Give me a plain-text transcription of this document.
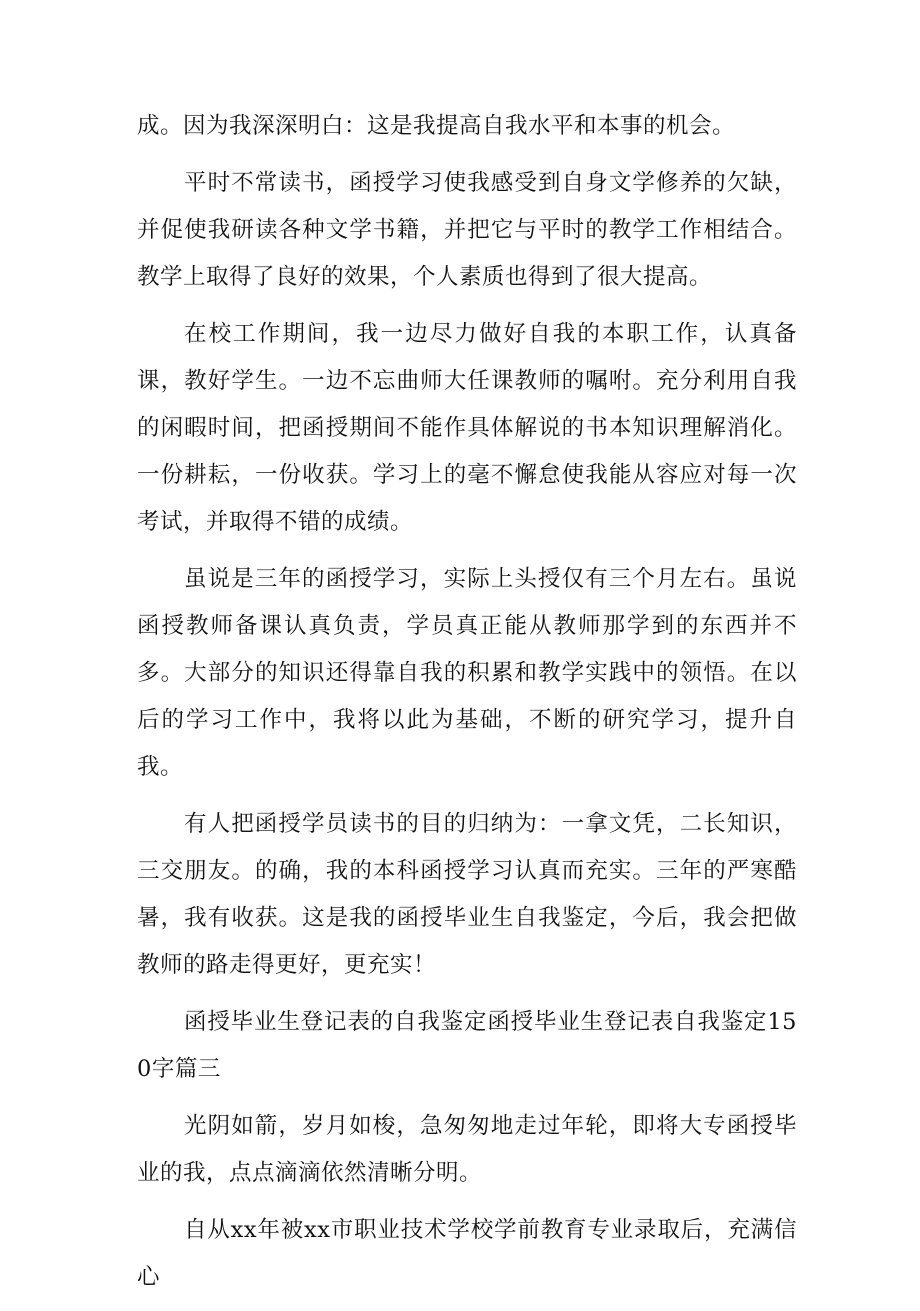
成。因为我深深明白：这是我提高自我水平和本事的机会。

平时不常读书，函授学习使我感受到自身文学修养的欠缺，并促使我研读各种文学书籍，并把它与平时的教学工作相结合。教学上取得了良好的效果，个人素质也得到了很大提高。

在校工作期间，我一边尽力做好自我的本职工作，认真备课，教好学生。一边不忘曲师大任课教师的嘱咐。充分利用自我的闲暇时间，把函授期间不能作具体解说的书本知识理解消化。一份耕耘，一份收获。学习上的毫不懈怠使我能从容应对每一次考试，并取得不错的成绩。

虽说是三年的函授学习，实际上头授仅有三个月左右。虽说函授教师备课认真负责，学员真正能从教师那学到的东西并不多。大部分的知识还得靠自我的积累和教学实践中的领悟。在以后的学习工作中，我将以此为基础，不断的研究学习，提升自我。

有人把函授学员读书的目的归纳为：一拿文凭，二长知识，三交朋友。的确，我的本科函授学习认真而充实。三年的严寒酷暑，我有收获。这是我的函授毕业生自我鉴定，今后，我会把做教师的路走得更好，更充实！

函授毕业生登记表的自我鉴定函授毕业生登记表自我鉴定150字篇三

光阴如箭，岁月如梭，急匆匆地走过年轮，即将大专函授毕业的我，点点滴滴依然清晰分明。

自从xx年被xx市职业技术学校学前教育专业录取后，充满信心
